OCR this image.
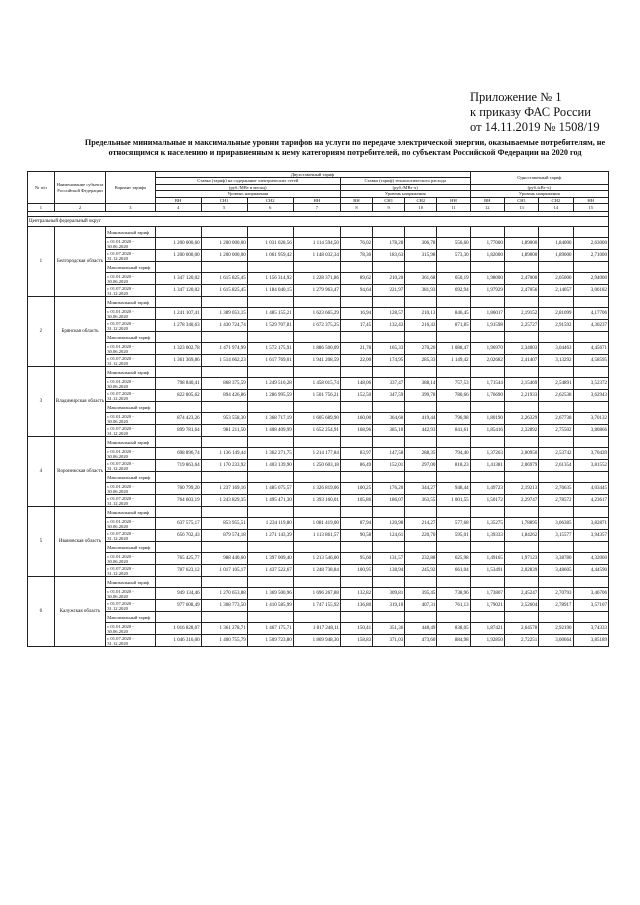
Приложение № 1
к приказу ФАС России
от 14.11.2019 № 1508/19
Предельные минимальные и максимальные уровни тарифов на услуги по передаче электрической энергии, оказываемые потребителям, не относящимся к населению и приравненным к нему категориям потребителей, по субъектам Российской Федерации на 2020 год
№ п/п	Наименование субъекта Российской Федерации	Вариант тарифа	Двухставочный тариф								Одноставочный тариф			
			Ставка (тариф) на содержание электрических сетей				Ставка (тариф) технологического расхода							
			(руб./МВт в месяц)				(руб./МВт·ч)				(руб./кВт·ч)			
			Уровень напряжения				Уровень напряжения				Уровень напряжения			
			ВН	СН1	СН2	НН	ВН	СН1	СН2	НН	ВН	СН1	СН2	НН
1	2	3	4	5	6	7	8	9	10	11	12	13	14	15

Центральный федеральный округ														
1	Белгородская область	Минимальный тариф												
		с 01.01.2020 - 30.06.2020	1 200 000,60	1 200 000,00	1 031 028,56	1 114 594,50	76,02	178,28	306,78	556,60	1,77000	1,89000	1,84000	2,63000
		с 01.07.2020 - 31.12.2020	1 200 000,00	1 200 000,00	1 061 959,42	1 148 032,34	78,30	183,63	315,98	573,30	1,82000	1,89000	1,89000	2,71000
		Максимальный тариф												
		с 01.01.2020 - 30.06.2020	1 347 120,02	1 615 825,45	1 156 314,92	1 228 371,86	89,62	210,20	361,68	650,19	1,98000	2,47000	2,05000	2,94000
		с 01.07.2020 - 31.12.2020	1 347 120,02	1 615 825,45	1 184 040,15	1 279 963,47	94,64	221,97	381,93	692,94	1,97929	2,47056	2,14057	3,06182
2	Брянская область	Минимальный тариф												
		с 01.01.2020 - 30.06.2020	1 241 107,41	1 389 053,15	1 485 155,21	1 623 665,29	16,94	128,57	210,13	846,45	1,86017	2,19152	2,81099	4,17706
		с 01.07.2020 - 31.12.2020	1 278 340,63	1 430 724,74	1 529 707,81	1 672 375,25	17,45	132,43	216,43	871,85	1,91598	2,25727	2,91592	4,30237
		Максимальный тариф												
		с 01.01.2020 - 30.06.2020	1 323 002,78	1 471 974,99	1 572 175,91	1 886 500,09	21,78	165,33	270,20	1 088,47	1,96970	2,34003	3,04463	4,45671
		с 01.07.2020 - 31.12.2020	1 361 369,86	1 514 662,23	1 617 769,01	1 941 208,59	22,00	174,95	285,33	1 149,42	2,02682	2,41407	3,13292	4,58595
3	Владимирская область	Минимальный тариф												
		с 01.01.2020 - 30.06.2020	798 840,41	868 375,59	1 249 510,28	1 458 015,74	148,06	337,47	388,14	757,53	1,71544	2,15469	2,54891	3,52372
		с 01.07.2020 - 31.12.2020	822 805,62	894 426,86	1 286 995,59	1 501 756,21	152,50	347,59	399,78	780,66	1,76690	2,21933	2,62538	3,62943
		Максимальный тариф												
		с 01.01.2020 - 30.06.2020	874 423,26	953 558,30	1 368 717,19	1 605 689,90	160,00	364,60	419,44	796,98	1,80190	2,26329	2,67738	3,70132
		с 01.07.2020 - 31.12.2020	899 781,64	981 211,50	1 408 409,99	1 652 254,91	168,96	385,10	442,93	841,61	1,85416	2,32892	2,75502	3,80866
4	Воронежская область	Минимальный тариф												
		с 01.01.2020 - 30.06.2020	698 896,74	1 136 149,44	1 362 271,75	1 214 177,84	83,97	147,58	288,35	794,40	1,37263	2,00950	2,53742	3,70439
		с 01.07.2020 - 31.12.2020	719 863,64	1 170 233,92	1 403 139,90	1 250 603,18	86,49	152,01	297,00	818,23	1,41381	2,06979	2,61354	3,81552
		Максимальный тариф												
		с 01.01.2020 - 30.06.2020	760 799,20	1 237 169,16	1 485 075,57	1 326 819,06	100,25	176,20	344,27	948,44	1,49723	2,19213	2,76635	4,03445
		с 01.07.2020 - 31.12.2020	764 603,19	1 243 829,35	1 495 471,30	1 393 160,01	105,86	186,07	363,55	1 001,55	1,50172	2,29747	2,78572	4,23617
5	Ивановская область	Минимальный тариф												
		с 01.01.2020 - 30.06.2020	637 575,17	853 955,51	1 234 119,80	1 081 419,00	87,94	120,98	214,27	577,68	1,35275	1,78895	3,06385	3,82871
		с 01.07.2020 - 31.12.2020	656 702,43	879 574,18	1 271 143,39	1 113 861,57	90,58	124,61	220,70	595,01	1,39333	1,84262	3,15577	3,94357
		Максимальный тариф												
		с 01.01.2020 - 30.06.2020	765 425,77	988 440,60	1 397 009,40	1 213 546,00	95,60	131,57	232,88	625,98	1,49165	1,97123	3,38780	4,32060
		с 01.07.2020 - 31.12.2020	787 623,12	1 017 105,17	1 437 522,67	1 248 738,84	100,95	138,94	245,92	661,04	1,53491	2,02839	3,48605	4,44590
6	Калужская область	Минимальный тариф												
		с 01.01.2020 - 30.06.2020	949 134,46	1 270 653,88	1 369 500,96	1 696 267,88	132,82	309,81	395,45	738,96	1,73807	2,45247	2,70793	3,46706
		с 01.07.2020 - 31.12.2020	977 608,49	1 308 773,50	1 410 585,99	1 747 155,92	136,80	319,10	407,31	761,13	1,79021	2,52604	2,78917	3,57107
		Максимальный тариф												
		с 01.01.2020 - 30.06.2020	1 016 828,07	1 361 278,71	1 467 175,71	1 817 248,11	150,41	351,36	448,49	838,05	1,87421	2,64578	2,92190	3,74333
		с 01.07.2020 - 31.12.2020	1 046 316,00	1 400 755,79	1 509 723,80	1 869 948,30	158,83	371,03	473,60	884,98	1,92850	2,72251	3,00664	3,85189
